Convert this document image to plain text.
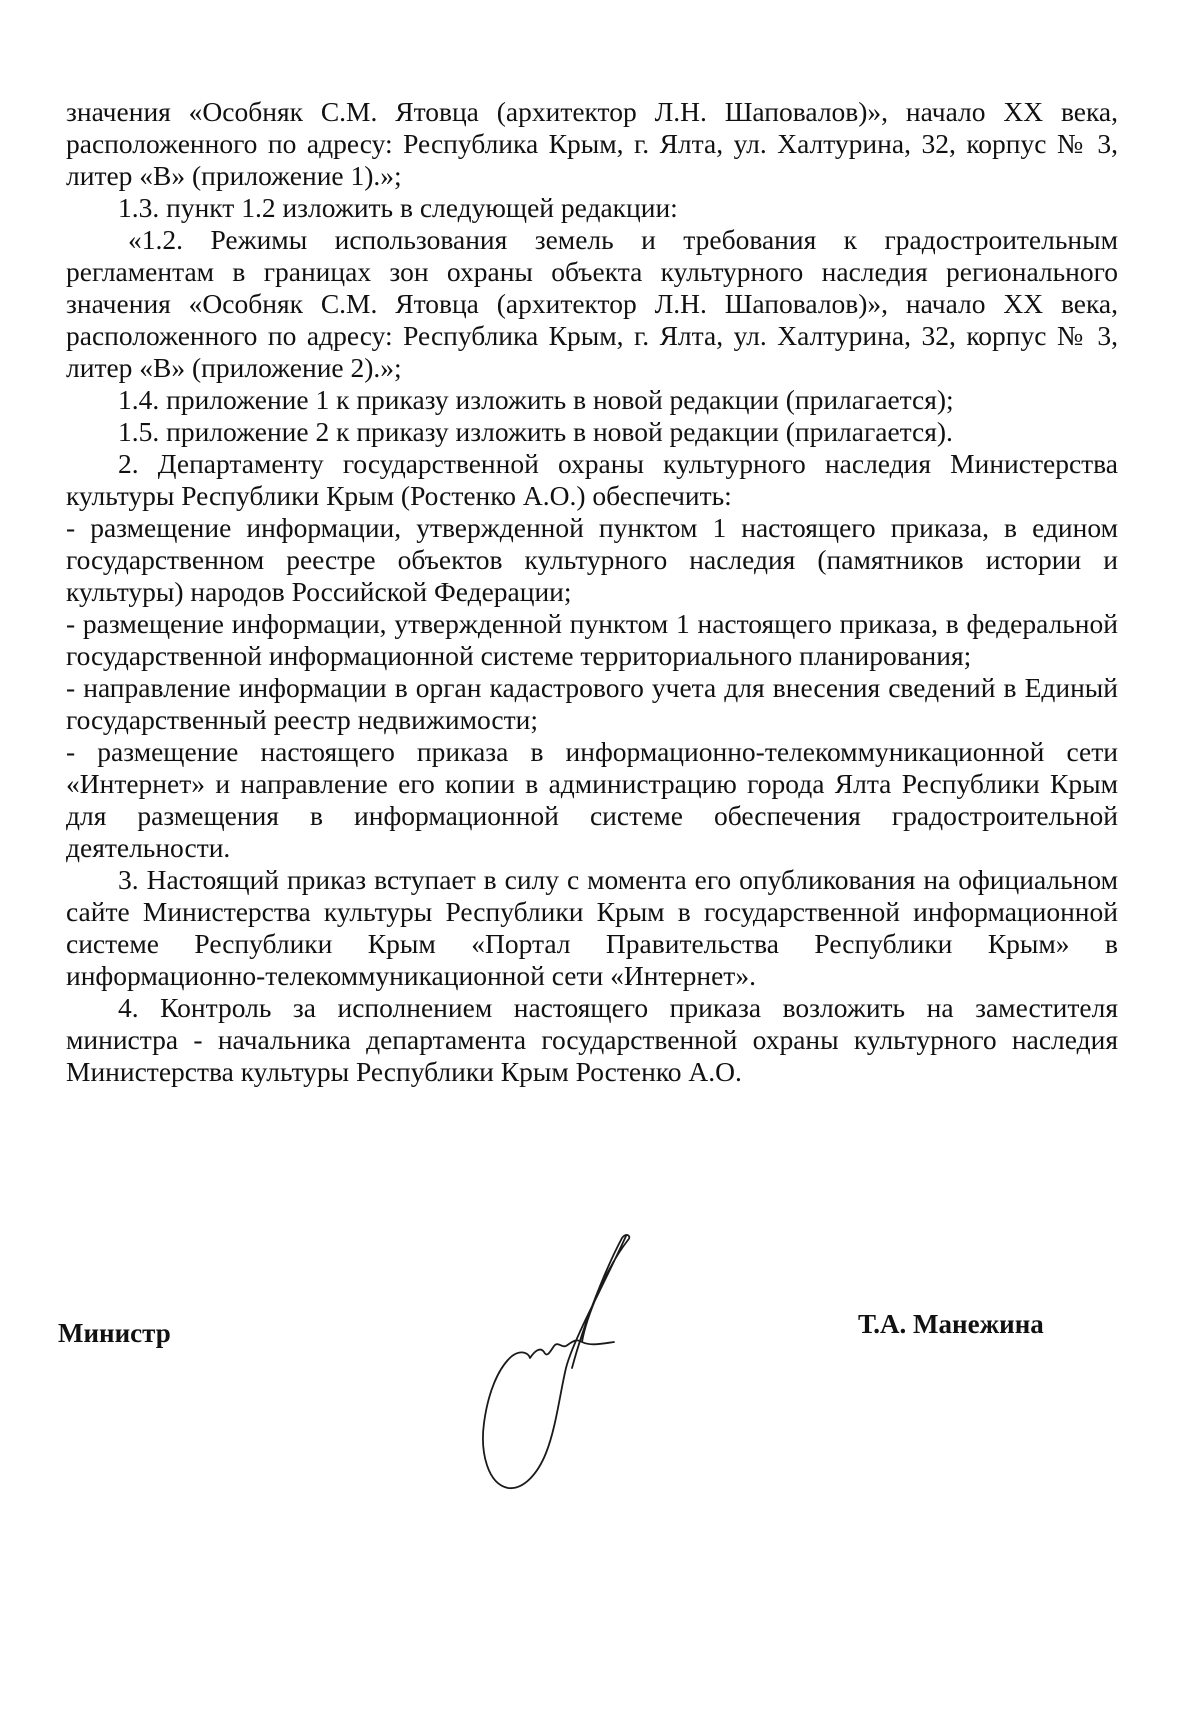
значения «Особняк С.М. Ятовца (архитектор Л.Н. Шаповалов)», начало XX века, расположенного по адресу: Республика Крым, г. Ялта, ул. Халтурина, 32, корпус № 3, литер «В» (приложение 1).»;

1.3. пункт 1.2 изложить в следующей редакции:

«1.2. Режимы использования земель и требования к градостроительным регламентам в границах зон охраны объекта культурного наследия регионального значения «Особняк С.М. Ятовца (архитектор Л.Н. Шаповалов)», начало XX века, расположенного по адресу: Республика Крым, г. Ялта, ул. Халтурина, 32, корпус № 3, литер «В» (приложение 2).»;

1.4. приложение 1 к приказу изложить в новой редакции (прилагается);

1.5. приложение 2 к приказу изложить в новой редакции (прилагается).

2. Департаменту государственной охраны культурного наследия Министерства культуры Республики Крым (Ростенко А.О.) обеспечить:

- размещение информации, утвержденной пунктом 1 настоящего приказа, в едином государственном реестре объектов культурного наследия (памятников истории и культуры) народов Российской Федерации;

- размещение информации, утвержденной пунктом 1 настоящего приказа, в федеральной государственной информационной системе территориального планирования;

- направление информации в орган кадастрового учета для внесения сведений в Единый государственный реестр недвижимости;

- размещение настоящего приказа в информационно-телекоммуникационной сети «Интернет» и направление его копии в администрацию города Ялта Республики Крым для размещения в информационной системе обеспечения градостроительной деятельности.

3. Настоящий приказ вступает в силу с момента его опубликования на официальном сайте Министерства культуры Республики Крым в государственной информационной системе Республики Крым «Портал Правительства Республики Крым» в информационно-телекоммуникационной сети «Интернет».

4. Контроль за исполнением настоящего приказа возложить на заместителя министра - начальника департамента государственной охраны культурного наследия Министерства культуры Республики Крым Ростенко А.О.

Министр	Т.А. Манежина
